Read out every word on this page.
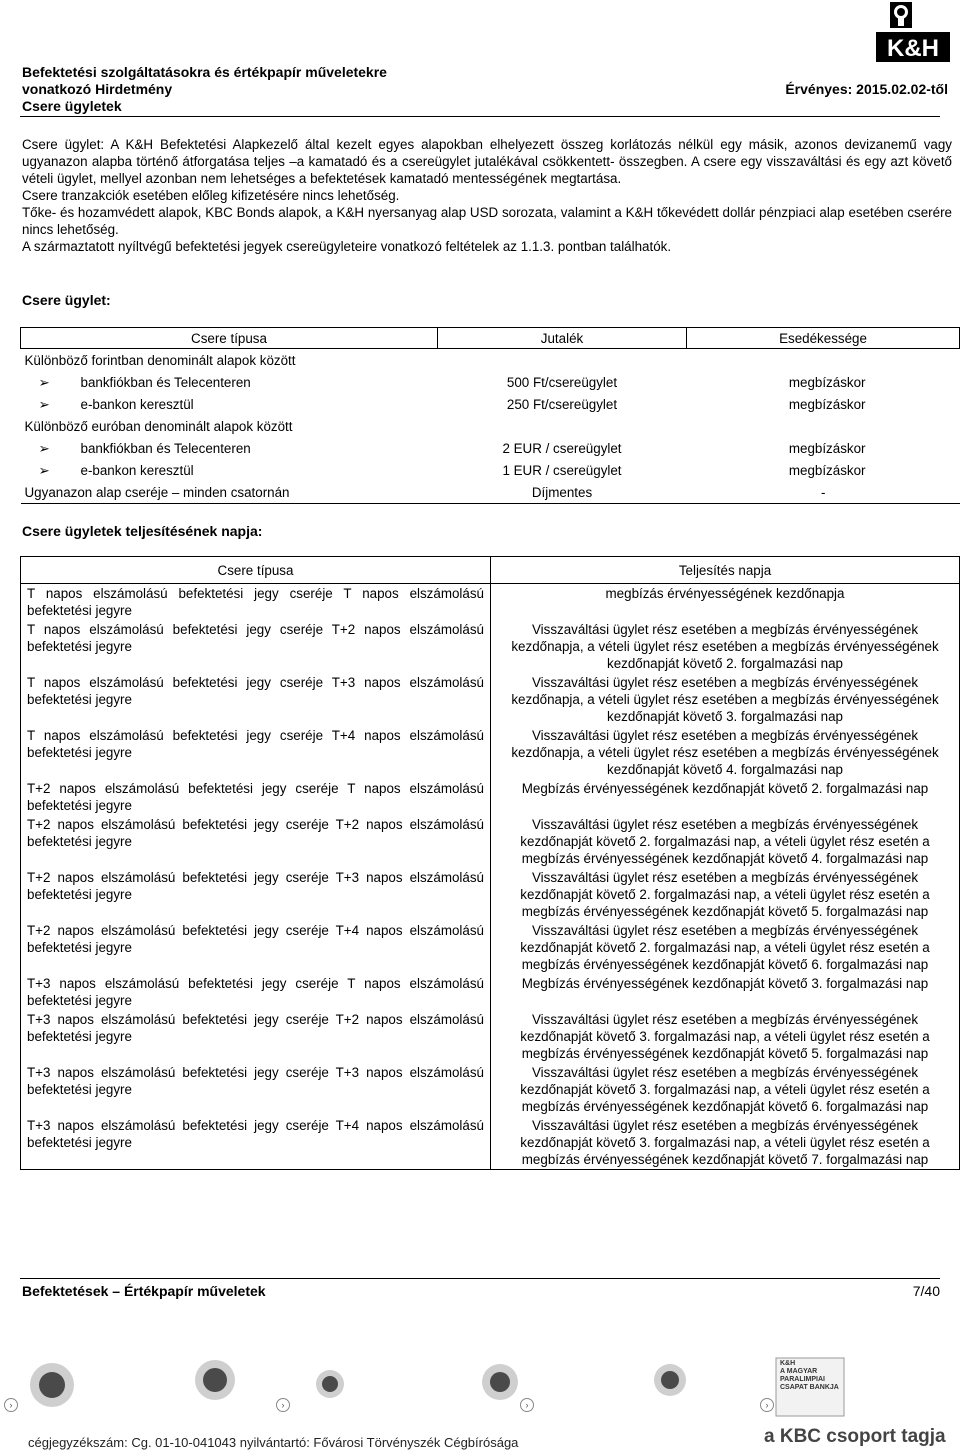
K&H
Befektetési szolgáltatásokra és értékpapír műveletekre
vonatkozó Hirdetmény	Érvényes: 2015.02.02-től
Csere ügyletek

Csere ügylet: A K&H Befektetési Alapkezelő által kezelt egyes alapokban elhelyezett összeg korlátozás nélkül egy másik, azonos devizanemű vagy ugyanazon alapba történő átforgatása teljes –a kamatadó és a csereügylet jutalékával csökkentett- összegben. A csere egy visszaváltási és egy azt követő vételi ügylet, mellyel azonban nem lehetséges a befektetések kamatadó mentességének megtartása.

Csere tranzakciók esetében előleg kifizetésére nincs lehetőség.

Tőke- és hozamvédett alapok, KBC Bonds alapok, a K&H nyersanyag alap USD sorozata, valamint a K&H tőkevédett dollár pénzpiaci alap esetében cserére nincs lehetőség.

A származtatott nyíltvégű befektetési jegyek csereügyleteire vonatkozó feltételek az 1.1.3. pontban találhatók.

Csere ügylet:
Csere típusa	Jutalék	Esedékessége
Különböző forintban denominált alapok között		
➢ bankfiókban és Telecenteren	500 Ft/csereügylet	megbízáskor
➢ e-bankon keresztül	250 Ft/csereügylet	megbízáskor
Különböző euróban denominált alapok között		
➢ bankfiókban és Telecenteren	2 EUR / csereügylet	megbízáskor
➢ e-bankon keresztül	1 EUR / csereügylet	megbízáskor
Ugyanazon alap cseréje – minden csatornán	Díjmentes	-
Csere ügyletek teljesítésének napja:
Csere típusa	Teljesítés napja
T napos elszámolású befektetési jegy cseréje T napos elszámolású befektetési jegyre	megbízás érvényességének kezdőnapja
T napos elszámolású befektetési jegy cseréje T+2 napos elszámolású befektetési jegyre	Visszaváltási ügylet rész esetében a megbízás érvényességének kezdőnapja, a vételi ügylet rész esetében a megbízás érvényességének kezdőnapját követő 2. forgalmazási nap
T napos elszámolású befektetési jegy cseréje T+3 napos elszámolású befektetési jegyre	Visszaváltási ügylet rész esetében a megbízás érvényességének kezdőnapja, a vételi ügylet rész esetében a megbízás érvényességének kezdőnapját követő 3. forgalmazási nap
T napos elszámolású befektetési jegy cseréje T+4 napos elszámolású befektetési jegyre	Visszaváltási ügylet rész esetében a megbízás érvényességének kezdőnapja, a vételi ügylet rész esetében a megbízás érvényességének kezdőnapját követő 4. forgalmazási nap
T+2 napos elszámolású befektetési jegy cseréje T napos elszámolású befektetési jegyre	Megbízás érvényességének kezdőnapját követő 2. forgalmazási nap
T+2 napos elszámolású befektetési jegy cseréje T+2 napos elszámolású befektetési jegyre	Visszaváltási ügylet rész esetében a megbízás érvényességének kezdőnapját követő 2. forgalmazási nap, a vételi ügylet rész esetén a megbízás érvényességének kezdőnapját követő 4. forgalmazási nap
T+2 napos elszámolású befektetési jegy cseréje T+3 napos elszámolású befektetési jegyre	Visszaváltási ügylet rész esetében a megbízás érvényességének kezdőnapját követő 2. forgalmazási nap, a vételi ügylet rész esetén a megbízás érvényességének kezdőnapját követő 5. forgalmazási nap
T+2 napos elszámolású befektetési jegy cseréje T+4 napos elszámolású befektetési jegyre	Visszaváltási ügylet rész esetében a megbízás érvényességének kezdőnapját követő 2. forgalmazási nap, a vételi ügylet rész esetén a megbízás érvényességének kezdőnapját követő 6. forgalmazási nap
T+3 napos elszámolású befektetési jegy cseréje T napos elszámolású befektetési jegyre	Megbízás érvényességének kezdőnapját követő 3. forgalmazási nap
T+3 napos elszámolású befektetési jegy cseréje T+2 napos elszámolású befektetési jegyre	Visszaváltási ügylet rész esetében a megbízás érvényességének kezdőnapját követő 3. forgalmazási nap, a vételi ügylet rész esetén a megbízás érvényességének kezdőnapját követő 5. forgalmazási nap
T+3 napos elszámolású befektetési jegy cseréje T+3 napos elszámolású befektetési jegyre	Visszaváltási ügylet rész esetében a megbízás érvényességének kezdőnapját követő 3. forgalmazási nap, a vételi ügylet rész esetén a megbízás érvényességének kezdőnapját követő 6. forgalmazási nap
T+3 napos elszámolású befektetési jegy cseréje T+4 napos elszámolású befektetési jegyre	Visszaváltási ügylet rész esetében a megbízás érvényességének kezdőnapját követő 3. forgalmazási nap, a vételi ügylet rész esetén a megbízás érvényességének kezdőnapját követő 7. forgalmazási nap
Befektetések – Értékpapír műveletek	7/40
›	›	›	›
K&H
A MAGYAR
PARALIMPIAI
CSAPAT BANKJA
cégjegyzékszám: Cg. 01-10-041043 nyilvántartó: Fővárosi Törvényszék Cégbírósága	a KBC csoport tagja
